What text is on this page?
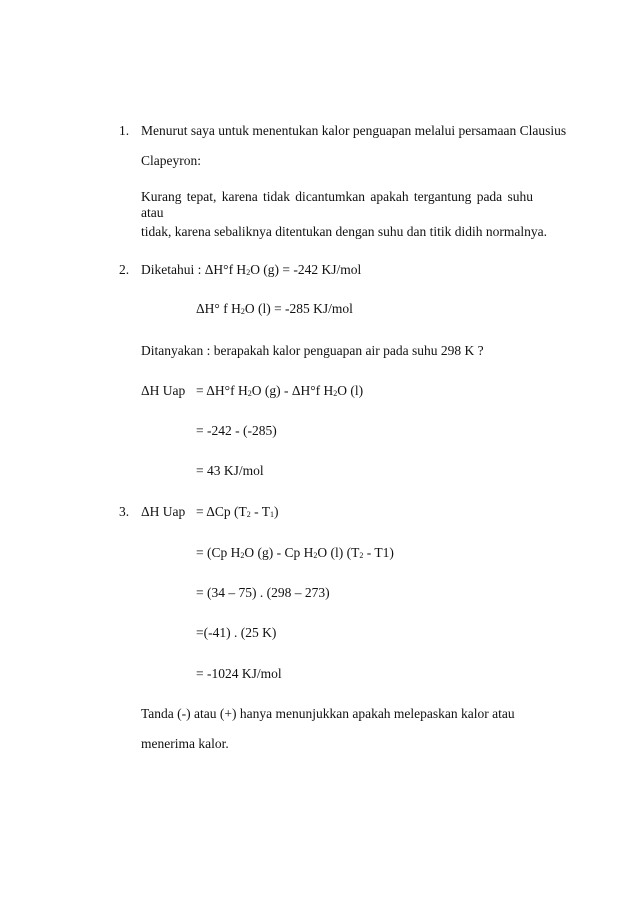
1. Menurut saya untuk menentukan kalor penguapan melalui persamaan Clausius
Clapeyron:
Kurang tepat, karena tidak dicantumkan apakah tergantung pada suhu atau
tidak, karena sebaliknya ditentukan dengan suhu dan titik didih normalnya.
2. Diketahui : ΔH°f $H_2O$ (g) = -242 KJ/mol
ΔH° f $H_2O$ (l) = -285 KJ/mol
Ditanyakan : berapakah kalor penguapan air pada suhu 298 K ?
ΔH Uap = ΔH°f $H_2O$ (g) - ΔH°f $H_2O$ (l)
= -242 - (-285)
= 43 KJ/mol
3. ΔH Uap = ΔCp $(T_2 - T_1)$
= (Cp $H_2O$ (g) - Cp $H_2O$ (l) $(T_2 - T1)$
= (34 – 75) . (298 – 273)
=(-41) . (25 K)
= -1024 KJ/mol
Tanda (-) atau (+) hanya menunjukkan apakah melepaskan kalor atau
menerima kalor.
